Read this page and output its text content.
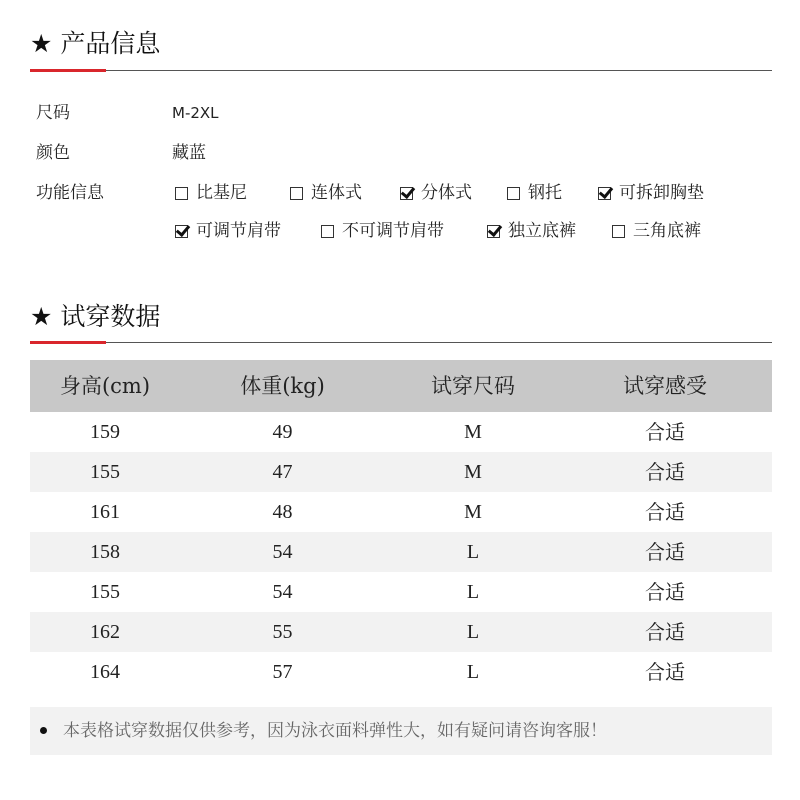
★ 产品信息
尺码	M-2XL
颜色	藏蓝
功能信息	比基尼	连体式	分体式	钢托	可拆卸胸垫
可调节肩带	不可调节肩带	独立底裤	三角底裤
★ 试穿数据
身高(cm)	体重(kg)	试穿尺码	试穿感受
159	49	M	合适
155	47	M	合适
161	48	M	合适
158	54	L	合适
155	54	L	合适
162	55	L	合适
164	57	L	合适
本表格试穿数据仅供参考，因为泳衣面料弹性大，如有疑问请咨询客服！
